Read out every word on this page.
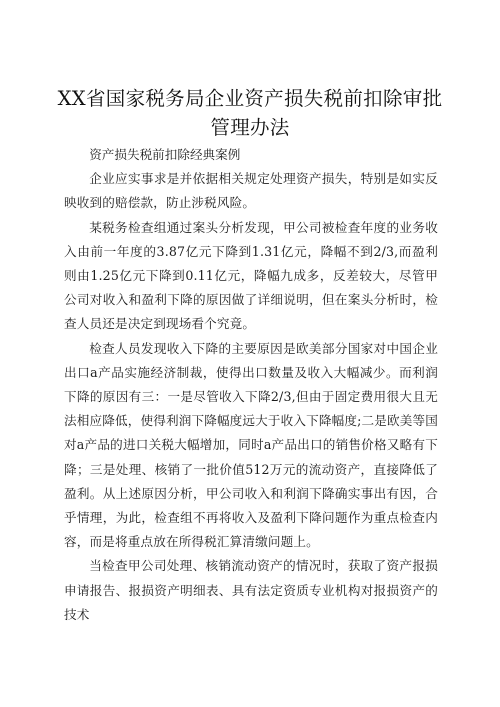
XX省国家税务局企业资产损失税前扣除审批
管理办法

资产损失税前扣除经典案例

企业应实事求是并依据相关规定处理资产损失，特别是如实反映收到的赔偿款，防止涉税风险。

某税务检查组通过案头分析发现，甲公司被检查年度的业务收入由前一年度的3.87亿元下降到1.31亿元，降幅不到2/3,而盈利则由1.25亿元下降到0.11亿元，降幅九成多，反差较大，尽管甲公司对收入和盈利下降的原因做了详细说明，但在案头分析时，检查人员还是决定到现场看个究竟。

检查人员发现收入下降的主要原因是欧美部分国家对中国企业出口a产品实施经济制裁，使得出口数量及收入大幅减少。而利润下降的原因有三：一是尽管收入下降2/3,但由于固定费用很大且无法相应降低，使得利润下降幅度远大于收入下降幅度;二是欧美等国对a产品的进口关税大幅增加，同时a产品出口的销售价格又略有下降；三是处理、核销了一批价值512万元的流动资产，直接降低了盈利。从上述原因分析，甲公司收入和利润下降确实事出有因，合乎情理，为此，检查组不再将收入及盈利下降问题作为重点检查内容，而是将重点放在所得税汇算清缴问题上。

当检查甲公司处理、核销流动资产的情况时，获取了资产报损申请报告、报损资产明细表、具有法定资质专业机构对报损资产的技术
